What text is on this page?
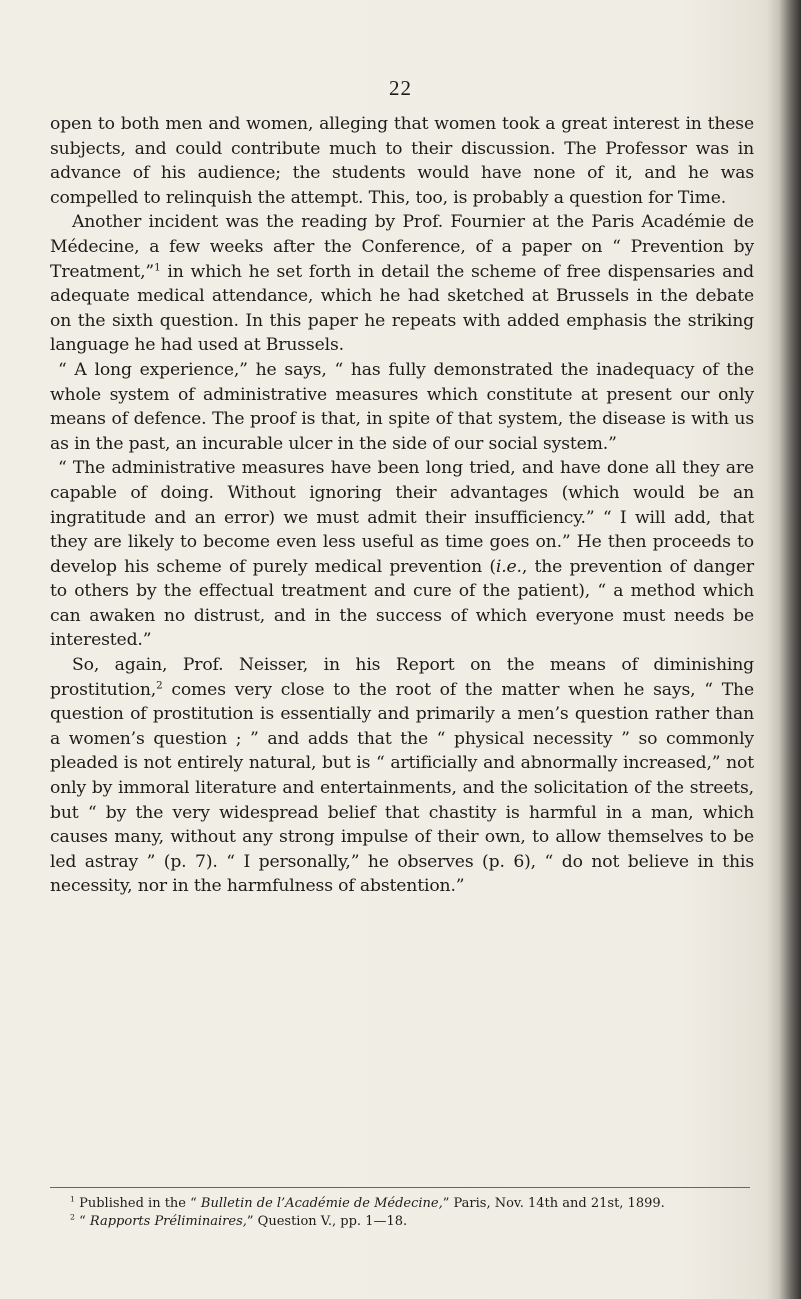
22

open to both men and women, alleging that women took a great interest in these subjects, and could contribute much to their discussion. The Professor was in advance of his audience; the students would have none of it, and he was compelled to relinquish the attempt. This, too, is probably a question for Time.

Another incident was the reading by Prof. Fournier at the Paris Académie de Médecine, a few weeks after the Conference, of a paper on “ Prevention by Treatment,”$^1$ in which he set forth in detail the scheme of free dispensaries and adequate medical attendance, which he had sketched at Brussels in the debate on the sixth question. In this paper he repeats with added emphasis the striking language he had used at Brussels.

“ A long experience,” he says, “ has fully demonstrated the inadequacy of the whole system of administrative measures which constitute at present our only means of defence. The proof is that, in spite of that system, the disease is with us as in the past, an incurable ulcer in the side of our social system.”

“ The administrative measures have been long tried, and have done all they are capable of doing. Without ignoring their advantages (which would be an ingratitude and an error) we must admit their insufficiency.” “ I will add, that they are likely to become even less useful as time goes on.” He then proceeds to develop his scheme of purely medical prevention (i.e., the prevention of danger to others by the effectual treatment and cure of the patient), “ a method which can awaken no distrust, and in the success of which everyone must needs be interested.”

So, again, Prof. Neisser, in his Report on the means of diminishing prostitution,$^2$ comes very close to the root of the matter when he says, “ The question of prostitution is essentially and primarily a men’s question rather than a women’s question ; ” and adds that the “ physical necessity ” so commonly pleaded is not entirely natural, but is “ artificially and abnormally increased,” not only by immoral literature and entertainments, and the solicitation of the streets, but “ by the very widespread belief that chastity is harmful in a man, which causes many, without any strong impulse of their own, to allow themselves to be led astray ” (p. 7). “ I personally,” he observes (p. 6), “ do not believe in this necessity, nor in the harmfulness of abstention.”

$^1$ Published in the “ Bulletin de l’Académie de Médecine,” Paris, Nov. 14th and 21st, 1899.

$^2$ “ Rapports Préliminaires,” Question V., pp. 1—18.
